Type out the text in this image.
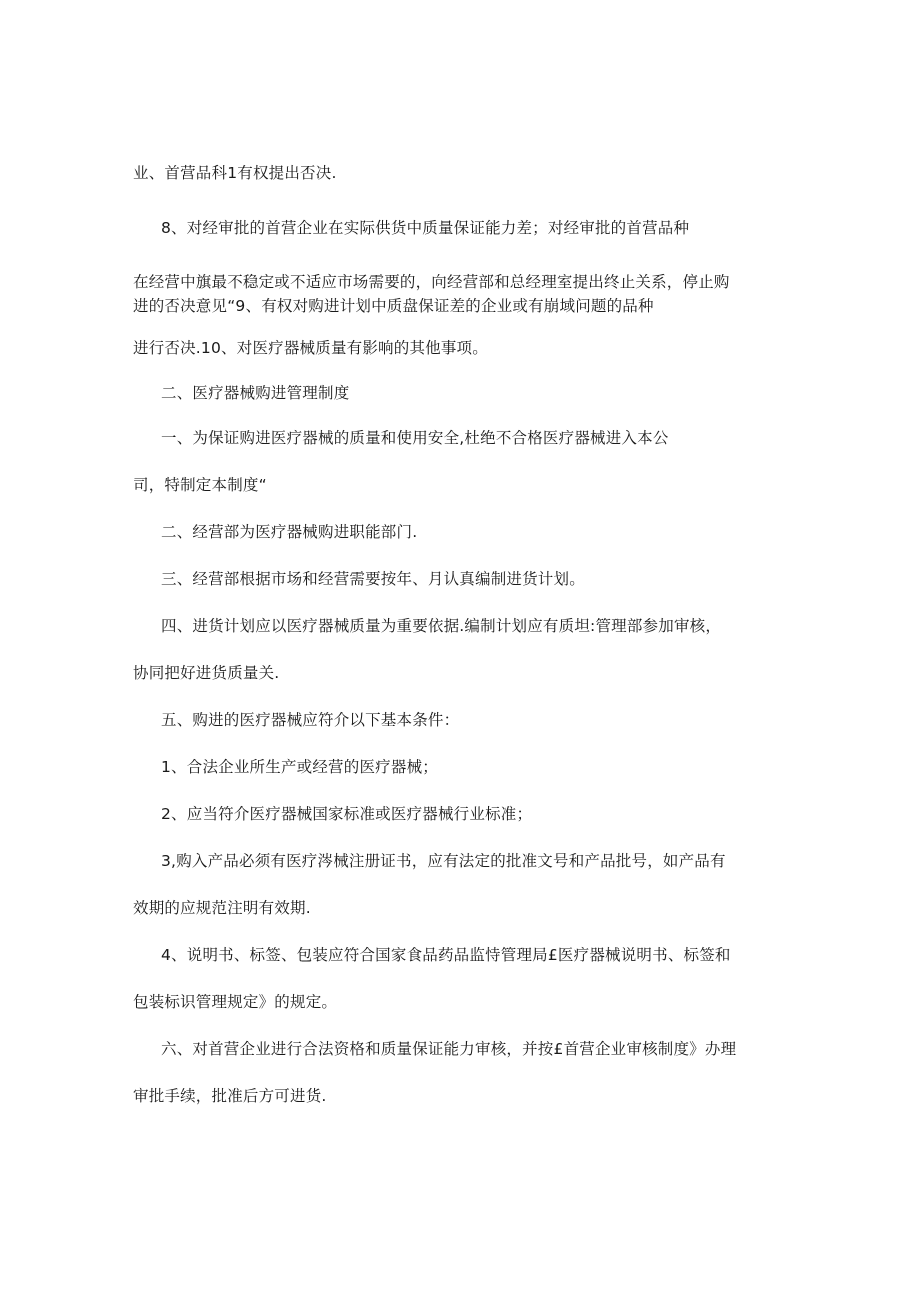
业、首营品科1有权提出否决.
8、对经审批的首营企业在实际供货中质量保证能力差；对经审批的首营品种
在经营中旗最不稳定或不适应市场需要的，向经营部和总经理室提出终止关系，停止购
进的否决意见“9、有权对购进计划中质盘保证差的企业或有崩域问题的品种
进行否决.10、对医疗器械质量有影响的其他事项。
二、医疗器械购进管理制度
一、为保证购进医疗器械的质量和使用安全,杜绝不合格医疗器械进入本公
司，特制定本制度“
二、经营部为医疗器械购进职能部门.
三、经营部根据市场和经营需要按年、月认真编制进货计划。
四、进货计划应以医疗器械质量为重要依据.编制计划应有质坦:管理部参加审核，
协同把好进货质量关.
五、购进的医疗器械应符介以下基本条件：
1、合法企业所生产或经营的医疗器械；
2、应当符介医疗器械国家标准或医疗器械行业标准；
3,购入产品必须有医疗涔械注册证书，应有法定的批准文号和产品批号，如产品有
效期的应规范注明有效期.
4、说明书、标签、包装应符合国家食品药品监恃管理局£医疗器械说明书、标签和
包装标识管理规定》的规定。
六、对首营企业进行合法资格和质量保证能力审核，并按£首营企业审核制度》办理
审批手续，批准后方可进货.
